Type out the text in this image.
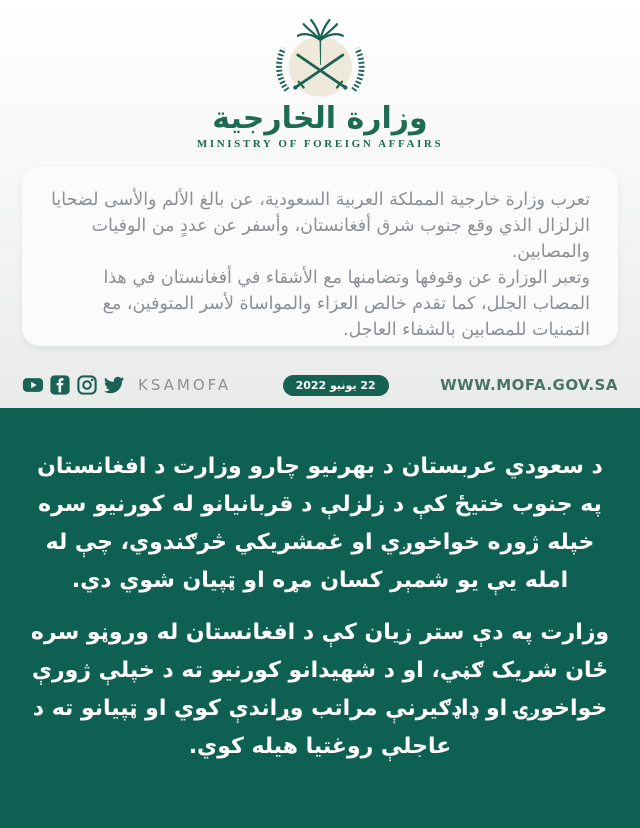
وزارة الخارجية
MINISTRY OF FOREIGN AFFAIRS

تعرب وزارة خارجية المملكة العربية السعودية، عن بالغ الألم والأسى لضحايا الزلزال الذي وقع جنوب شرق أفغانستان، وأسفر عن عددٍ من الوفيات والمصابين.

وتعبر الوزارة عن وقوفها وتضامنها مع الأشقاء في أفغانستان في هذا المصاب الجلل، كما تقدم خالص العزاء والمواساة لأسر المتوفين، مع التمنيات للمصابين بالشفاء العاجل.

KSAMOFA	22 يونيو 2022	WWW.MOFA.GOV.SA

د سعودي عربستان د بهرنيو چارو وزارت د افغانستان په جنوب ختيځ کې د زلزلې د قربانيانو له کورنيو سره خپله ژوره خواخوږي او غمشريکي څرګندوي، چې له امله يې يو شمېر کسان مړه او ټپيان شوي دي.

وزارت په دې ستر زيان کې د افغانستان له وروڼو سره ځان شريک ګڼي، او د شهيدانو کورنيو ته د خپلې ژورې خواخوږۍ او ډاډګيرنې مراتب وړاندې کوي او ټپيانو ته د عاجلې روغتيا هيله کوي.
